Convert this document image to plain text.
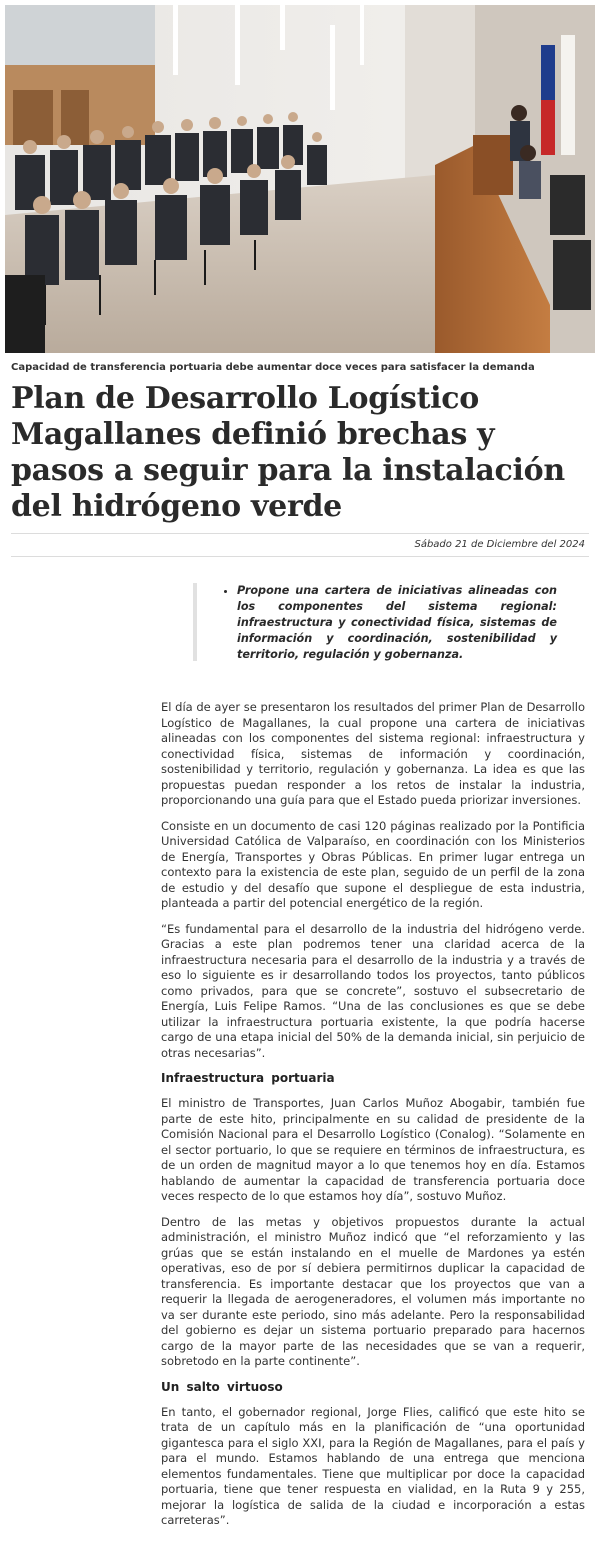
Capacidad de transferencia portuaria debe aumentar doce veces para satisfacer la demanda
Plan de Desarrollo Logístico Magallanes definió brechas y pasos a seguir para la instalación del hidrógeno verde
Sábado 21 de Diciembre del 2024
• Propone una cartera de iniciativas alineadas con los componentes del sistema regional: infraestructura y conectividad física, sistemas de información y coordinación, sostenibilidad y territorio, regulación y gobernanza.

El día de ayer se presentaron los resultados del primer Plan de Desarrollo Logístico de Magallanes, la cual propone una cartera de iniciativas alineadas con los componentes del sistema regional: infraestructura y conectividad física, sistemas de información y coordinación, sostenibilidad y territorio, regulación y gobernanza. La idea es que las propuestas puedan responder a los retos de instalar la industria, proporcionando una guía para que el Estado pueda priorizar inversiones.

Consiste en un documento de casi 120 páginas realizado por la Pontificia Universidad Católica de Valparaíso, en coordinación con los Ministerios de Energía, Transportes y Obras Públicas. En primer lugar entrega un contexto para la existencia de este plan, seguido de un perfil de la zona de estudio y del desafío que supone el despliegue de esta industria, planteada a partir del potencial energético de la región.

“Es fundamental para el desarrollo de la industria del hidrógeno verde. Gracias a este plan podremos tener una claridad acerca de la infraestructura necesaria para el desarrollo de la industria y a través de eso lo siguiente es ir desarrollando todos los proyectos, tanto públicos como privados, para que se concrete”, sostuvo el subsecretario de Energía, Luis Felipe Ramos. “Una de las conclusiones es que se debe utilizar la infraestructura portuaria existente, la que podría hacerse cargo de una etapa inicial del 50% de la demanda inicial, sin perjuicio de otras necesarias”.

Infraestructura portuaria

El ministro de Transportes, Juan Carlos Muñoz Abogabir, también fue parte de este hito, principalmente en su calidad de presidente de la Comisión Nacional para el Desarrollo Logístico (Conalog). “Solamente en el sector portuario, lo que se requiere en términos de infraestructura, es de un orden de magnitud mayor a lo que tenemos hoy en día. Estamos hablando de aumentar la capacidad de transferencia portuaria doce veces respecto de lo que estamos hoy día”, sostuvo Muñoz.

Dentro de las metas y objetivos propuestos durante la actual administración, el ministro Muñoz indicó que “el reforzamiento y las grúas que se están instalando en el muelle de Mardones ya estén operativas, eso de por sí debiera permitirnos duplicar la capacidad de transferencia. Es importante destacar que los proyectos que van a requerir la llegada de aerogeneradores, el volumen más importante no va ser durante este periodo, sino más adelante. Pero la responsabilidad del gobierno es dejar un sistema portuario preparado para hacernos cargo de la mayor parte de las necesidades que se van a requerir, sobretodo en la parte continente”.

Un salto virtuoso

En tanto, el gobernador regional, Jorge Flies, calificó que este hito se trata de un capítulo más en la planificación de “una oportunidad gigantesca para el siglo XXI, para la Región de Magallanes, para el país y para el mundo. Estamos hablando de una entrega que menciona elementos fundamentales. Tiene que multiplicar por doce la capacidad portuaria, tiene que tener respuesta en vialidad, en la Ruta 9 y 255, mejorar la logística de salida de la ciudad e incorporación a estas carreteras”.
